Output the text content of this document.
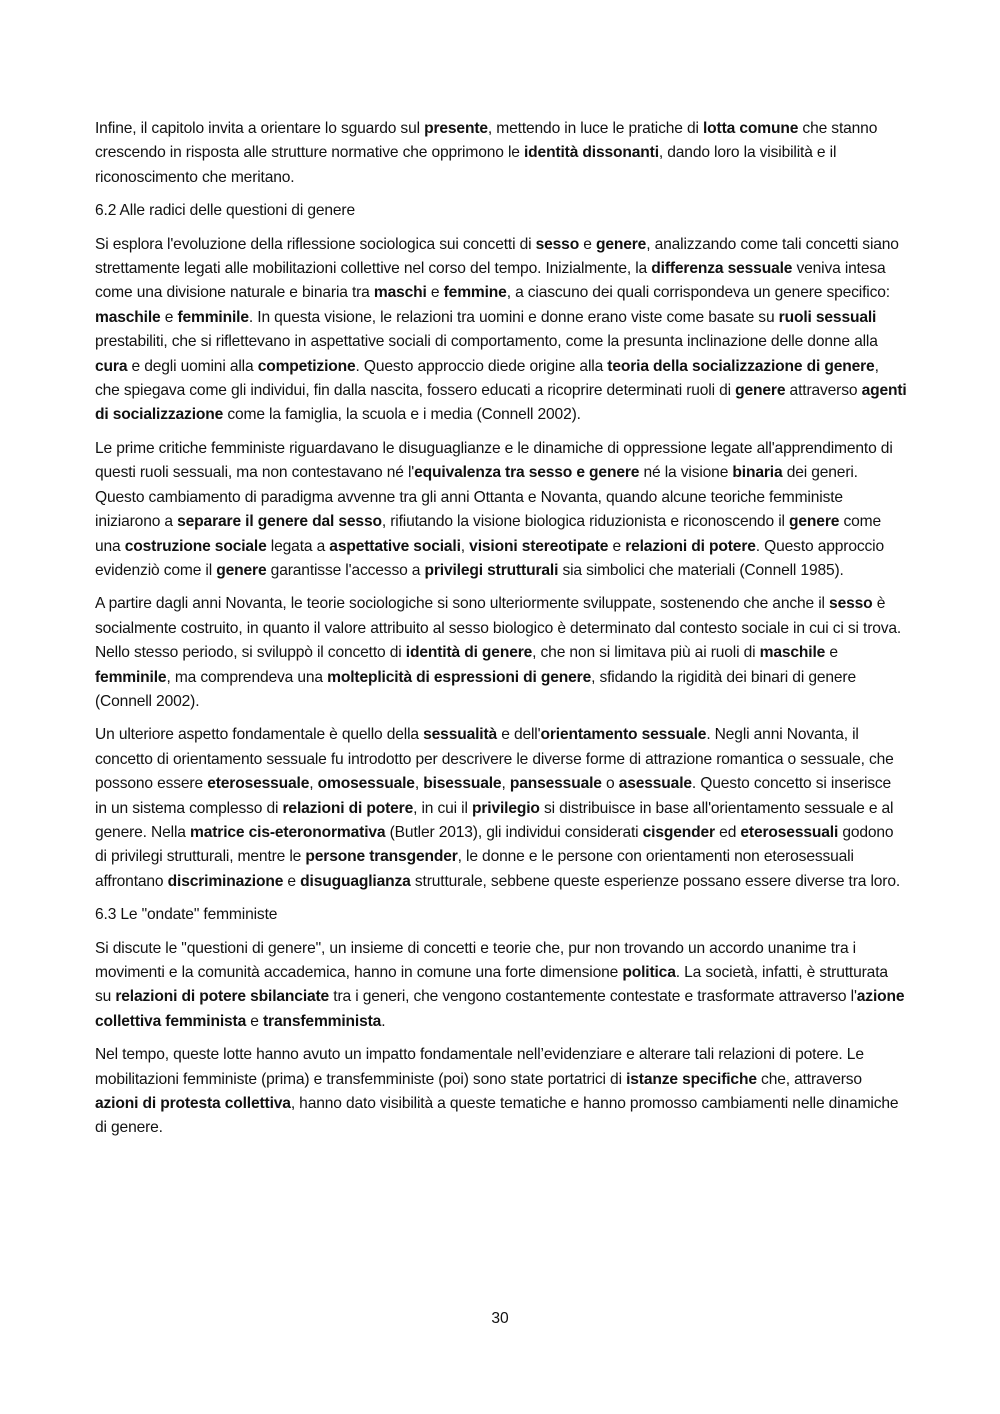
Infine, il capitolo invita a orientare lo sguardo sul presente, mettendo in luce le pratiche di lotta comune che stanno crescendo in risposta alle strutture normative che opprimono le identità dissonanti, dando loro la visibilità e il riconoscimento che meritano.

6.2 Alle radici delle questioni di genere

Si esplora l'evoluzione della riflessione sociologica sui concetti di sesso e genere, analizzando come tali concetti siano strettamente legati alle mobilitazioni collettive nel corso del tempo. Inizialmente, la differenza sessuale veniva intesa come una divisione naturale e binaria tra maschi e femmine, a ciascuno dei quali corrispondeva un genere specifico: maschile e femminile. In questa visione, le relazioni tra uomini e donne erano viste come basate su ruoli sessuali prestabiliti, che si riflettevano in aspettative sociali di comportamento, come la presunta inclinazione delle donne alla cura e degli uomini alla competizione. Questo approccio diede origine alla teoria della socializzazione di genere, che spiegava come gli individui, fin dalla nascita, fossero educati a ricoprire determinati ruoli di genere attraverso agenti di socializzazione come la famiglia, la scuola e i media (Connell 2002).

Le prime critiche femministe riguardavano le disuguaglianze e le dinamiche di oppressione legate all'apprendimento di questi ruoli sessuali, ma non contestavano né l'equivalenza tra sesso e genere né la visione binaria dei generi. Questo cambiamento di paradigma avvenne tra gli anni Ottanta e Novanta, quando alcune teoriche femministe iniziarono a separare il genere dal sesso, rifiutando la visione biologica riduzionista e riconoscendo il genere come una costruzione sociale legata a aspettative sociali, visioni stereotipate e relazioni di potere. Questo approccio evidenziò come il genere garantisse l'accesso a privilegi strutturali sia simbolici che materiali (Connell 1985).

A partire dagli anni Novanta, le teorie sociologiche si sono ulteriormente sviluppate, sostenendo che anche il sesso è socialmente costruito, in quanto il valore attribuito al sesso biologico è determinato dal contesto sociale in cui ci si trova. Nello stesso periodo, si sviluppò il concetto di identità di genere, che non si limitava più ai ruoli di maschile e femminile, ma comprendeva una molteplicità di espressioni di genere, sfidando la rigidità dei binari di genere (Connell 2002).

Un ulteriore aspetto fondamentale è quello della sessualità e dell'orientamento sessuale. Negli anni Novanta, il concetto di orientamento sessuale fu introdotto per descrivere le diverse forme di attrazione romantica o sessuale, che possono essere eterosessuale, omosessuale, bisessuale, pansessuale o asessuale. Questo concetto si inserisce in un sistema complesso di relazioni di potere, in cui il privilegio si distribuisce in base all'orientamento sessuale e al genere. Nella matrice cis-eteronormativa (Butler 2013), gli individui considerati cisgender ed eterosessuali godono di privilegi strutturali, mentre le persone transgender, le donne e le persone con orientamenti non eterosessuali affrontano discriminazione e disuguaglianza strutturale, sebbene queste esperienze possano essere diverse tra loro.

6.3 Le "ondate" femministe

Si discute le "questioni di genere", un insieme di concetti e teorie che, pur non trovando un accordo unanime tra i movimenti e la comunità accademica, hanno in comune una forte dimensione politica. La società, infatti, è strutturata su relazioni di potere sbilanciate tra i generi, che vengono costantemente contestate e trasformate attraverso l'azione collettiva femminista e transfemminista.

Nel tempo, queste lotte hanno avuto un impatto fondamentale nell’evidenziare e alterare tali relazioni di potere. Le mobilitazioni femministe (prima) e transfemministe (poi) sono state portatrici di istanze specifiche che, attraverso azioni di protesta collettiva, hanno dato visibilità a queste tematiche e hanno promosso cambiamenti nelle dinamiche di genere.

30
